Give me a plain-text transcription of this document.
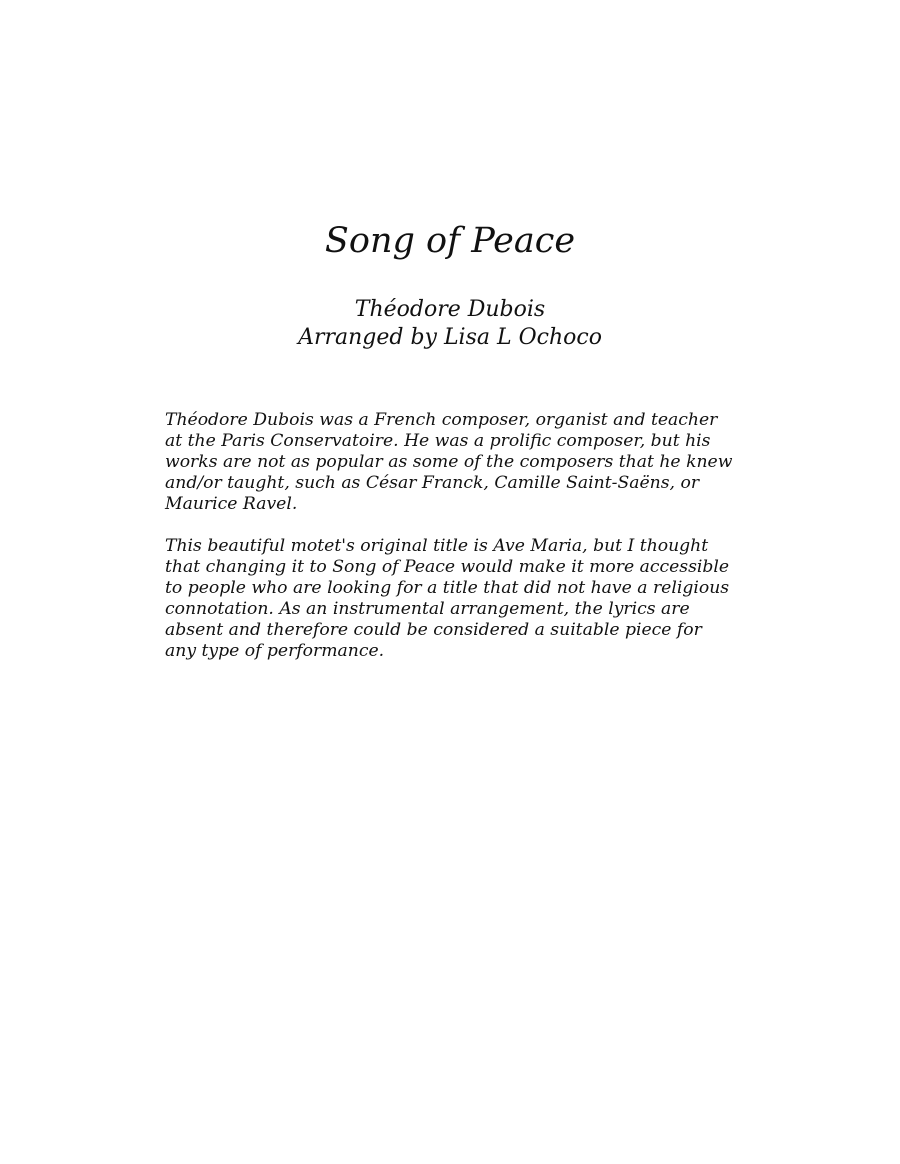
Song of Peace

Théodore Dubois

Arranged by Lisa L Ochoco

Théodore Dubois was a French composer, organist and teacher at the Paris Conservatoire. He was a prolific composer, but his works are not as popular as some of the composers that he knew and/or taught, such as César Franck, Camille Saint-Saëns, or Maurice Ravel.

This beautiful motet's original title is Ave Maria, but I thought that changing it to Song of Peace would make it more accessible to people who are looking for a title that did not have a religious connotation. As an instrumental arrangement, the lyrics are absent and therefore could be considered a suitable piece for any type of performance.
